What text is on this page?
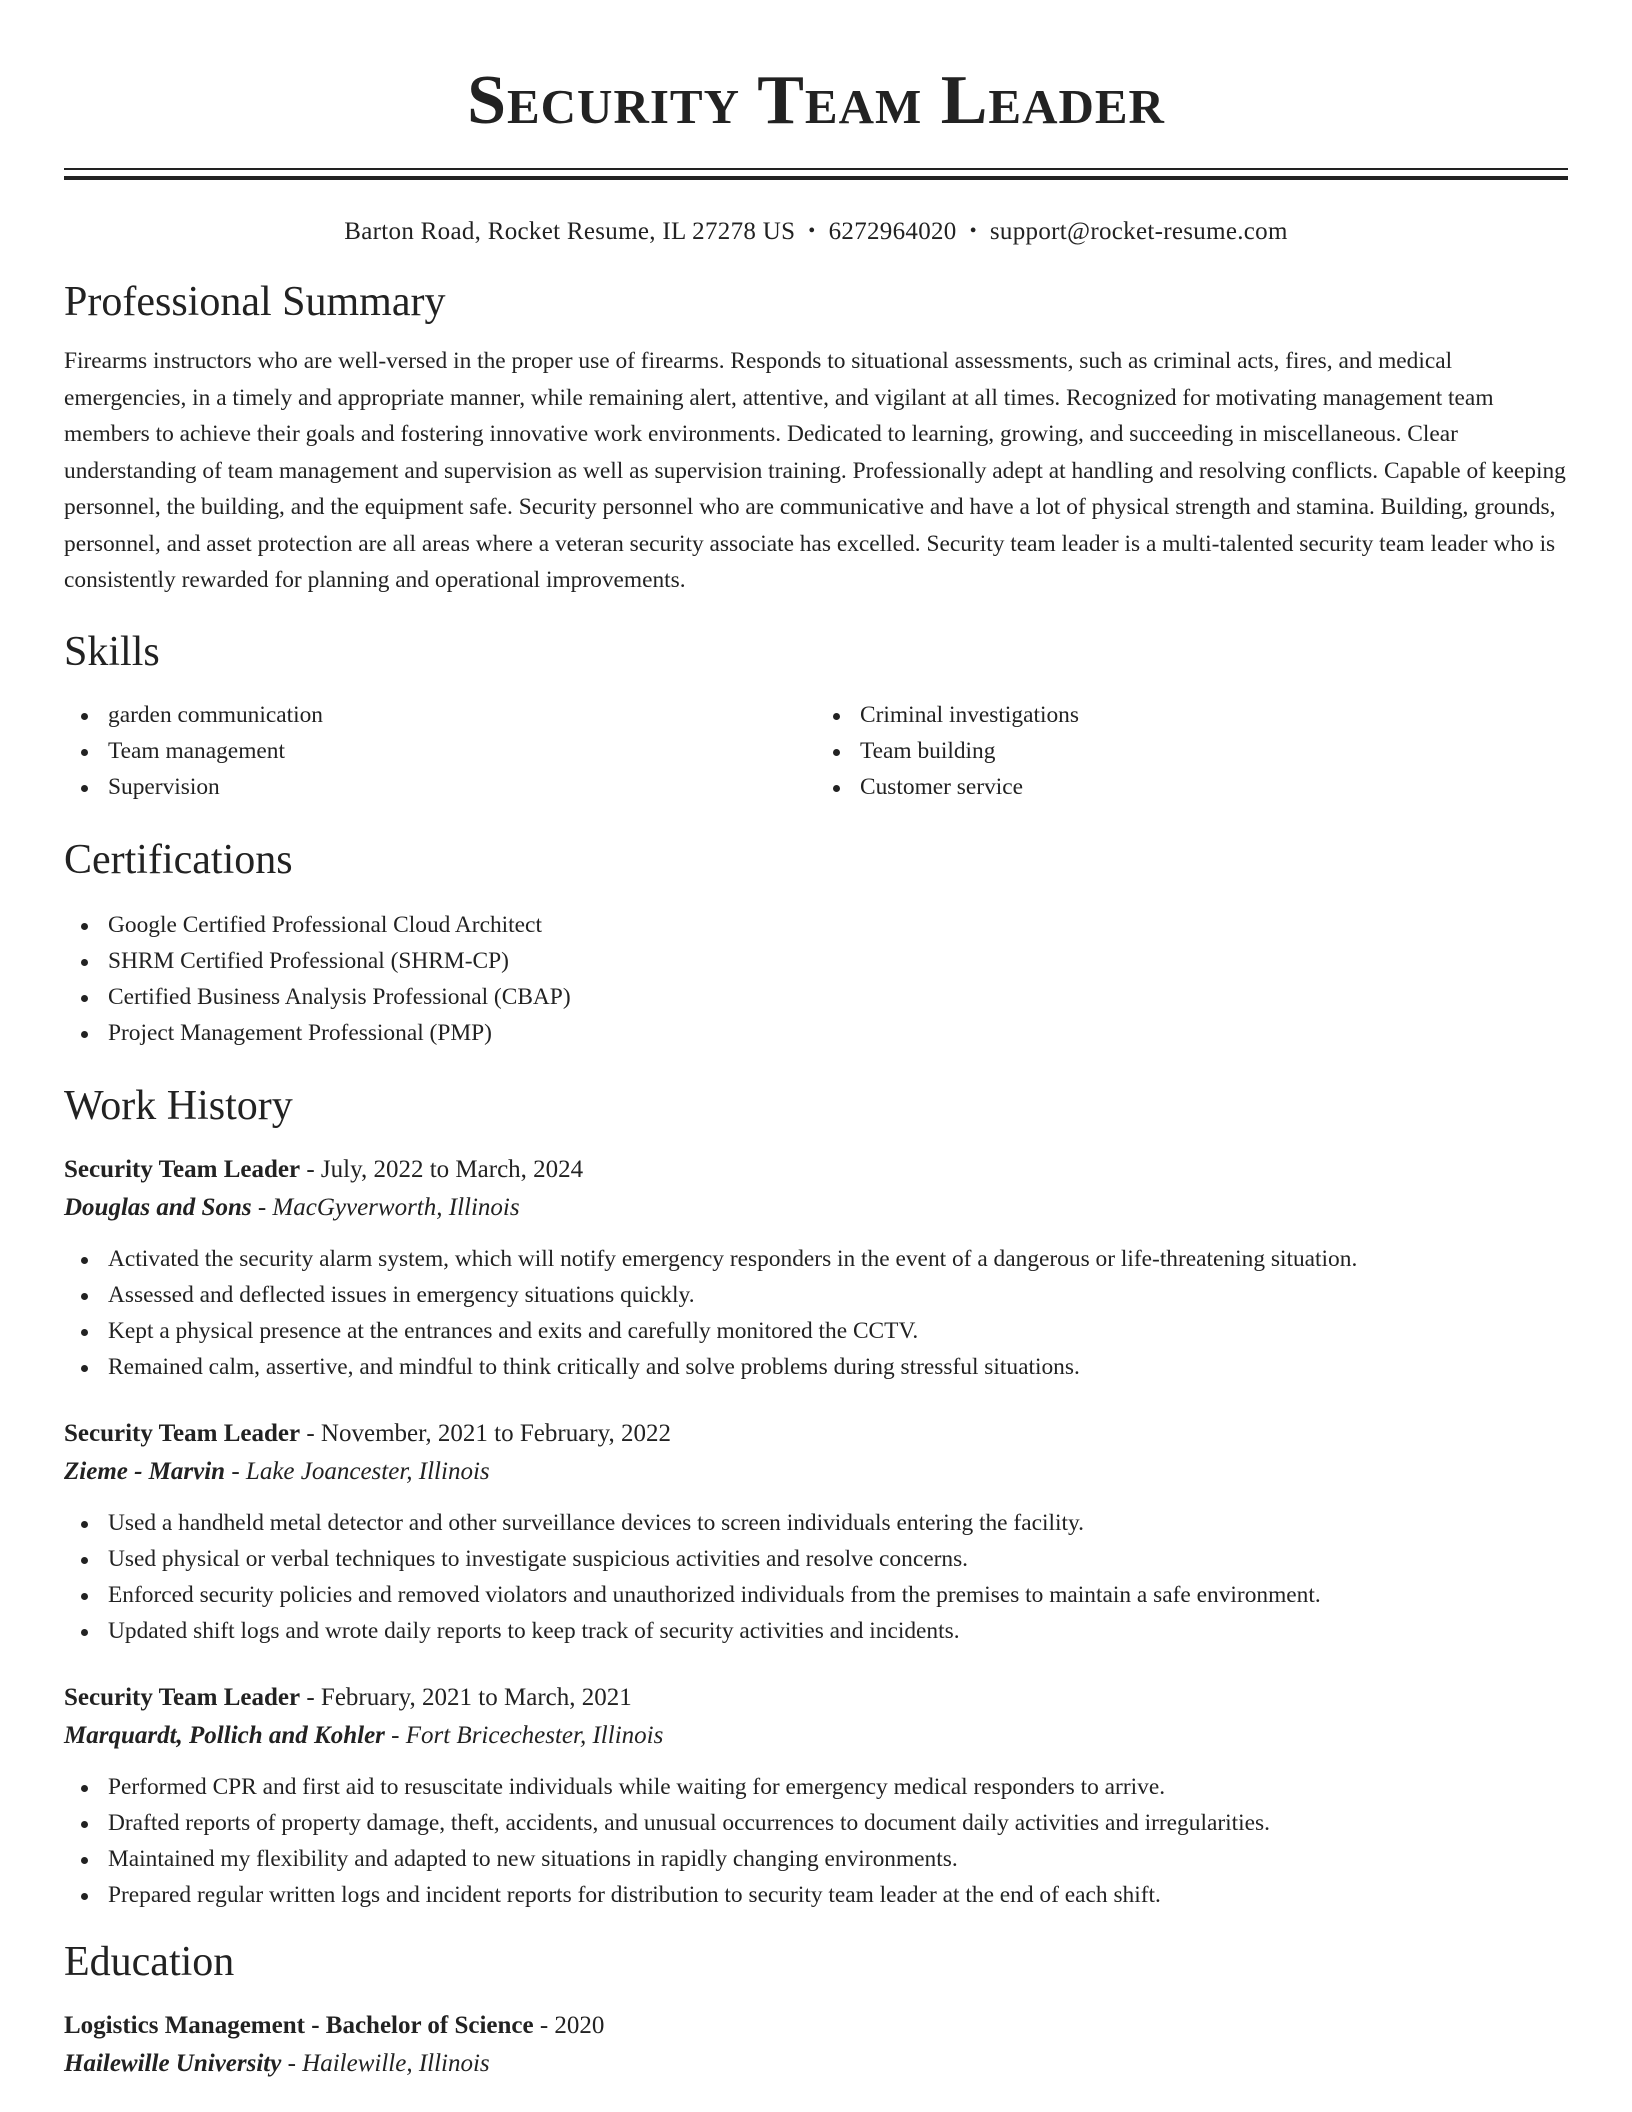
Security Team Leader
Barton Road, Rocket Resume, IL 27278 US • 6272964020 • support@rocket-resume.com
Professional Summary

Firearms instructors who are well-versed in the proper use of firearms. Responds to situational assessments, such as criminal acts, fires, and medical emergencies, in a timely and appropriate manner, while remaining alert, attentive, and vigilant at all times. Recognized for motivating management team members to achieve their goals and fostering innovative work environments. Dedicated to learning, growing, and succeeding in miscellaneous. Clear understanding of team management and supervision as well as supervision training. Professionally adept at handling and resolving conflicts. Capable of keeping personnel, the building, and the equipment safe. Security personnel who are communicative and have a lot of physical strength and stamina. Building, grounds, personnel, and asset protection are all areas where a veteran security associate has excelled. Security team leader is a multi-talented security team leader who is consistently rewarded for planning and operational improvements.

Skills
garden communication
Team management
Supervision
Criminal investigations
Team building
Customer service
Certifications
Google Certified Professional Cloud Architect
SHRM Certified Professional (SHRM-CP)
Certified Business Analysis Professional (CBAP)
Project Management Professional (PMP)
Work History
Security Team Leader - July, 2022 to March, 2024
Douglas and Sons - MacGyverworth, Illinois
Activated the security alarm system, which will notify emergency responders in the event of a dangerous or life-threatening situation.
Assessed and deflected issues in emergency situations quickly.
Kept a physical presence at the entrances and exits and carefully monitored the CCTV.
Remained calm, assertive, and mindful to think critically and solve problems during stressful situations.
Security Team Leader - November, 2021 to February, 2022
Zieme - Marvin - Lake Joancester, Illinois
Used a handheld metal detector and other surveillance devices to screen individuals entering the facility.
Used physical or verbal techniques to investigate suspicious activities and resolve concerns.
Enforced security policies and removed violators and unauthorized individuals from the premises to maintain a safe environment.
Updated shift logs and wrote daily reports to keep track of security activities and incidents.
Security Team Leader - February, 2021 to March, 2021
Marquardt, Pollich and Kohler - Fort Bricechester, Illinois
Performed CPR and first aid to resuscitate individuals while waiting for emergency medical responders to arrive.
Drafted reports of property damage, theft, accidents, and unusual occurrences to document daily activities and irregularities.
Maintained my flexibility and adapted to new situations in rapidly changing environments.
Prepared regular written logs and incident reports for distribution to security team leader at the end of each shift.
Education
Logistics Management - Bachelor of Science - 2020
Hailewille University - Hailewille, Illinois
